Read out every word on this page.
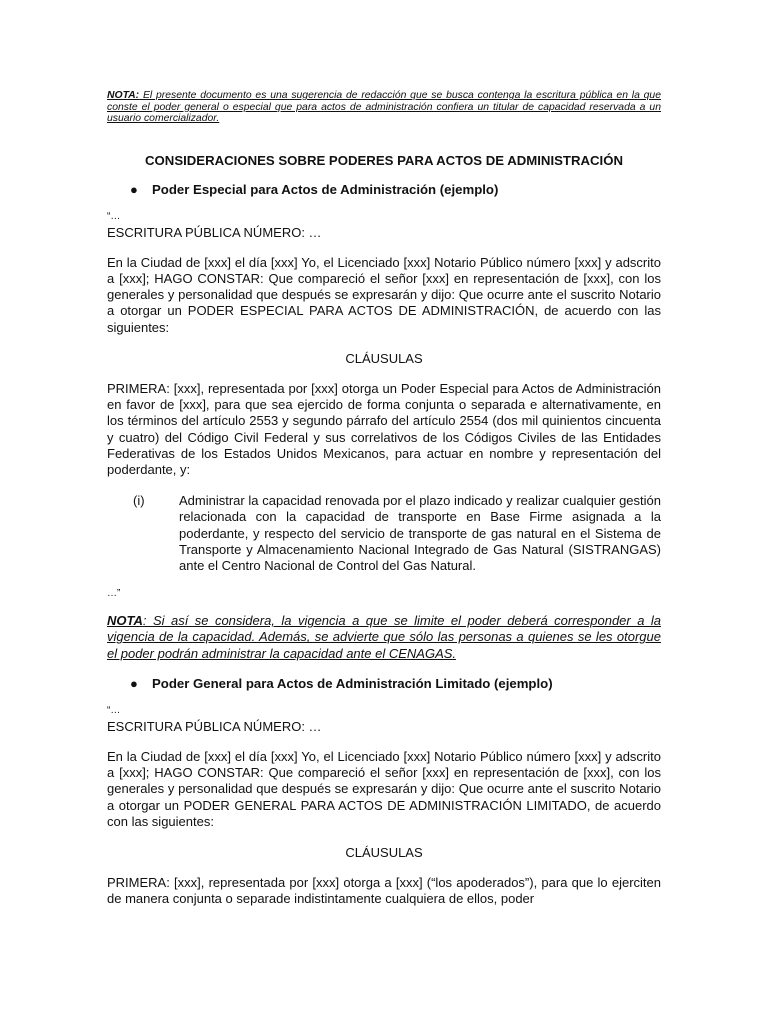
NOTA: El presente documento es una sugerencia de redacción que se busca contenga la escritura pública en la que conste el poder general o especial que para actos de administración confiera un titular de capacidad reservada a un usuario comercializador.

CONSIDERACIONES SOBRE PODERES PARA ACTOS DE ADMINISTRACIÓN

● Poder Especial para Actos de Administración (ejemplo)

“…

ESCRITURA PÚBLICA NÚMERO: …

En la Ciudad de [xxx] el día [xxx] Yo, el Licenciado [xxx] Notario Público número [xxx] y adscrito a [xxx]; HAGO CONSTAR: Que compareció el señor [xxx] en representación de [xxx], con los generales y personalidad que después se expresarán y dijo: Que ocurre ante el suscrito Notario a otorgar un PODER ESPECIAL PARA ACTOS DE ADMINISTRACIÓN, de acuerdo con las siguientes:

CLÁUSULAS

PRIMERA: [xxx], representada por [xxx] otorga un Poder Especial para Actos de Administración en favor de [xxx], para que sea ejercido de forma conjunta o separada e alternativamente, en los términos del artículo 2553 y segundo párrafo del artículo 2554 (dos mil quinientos cincuenta y cuatro) del Código Civil Federal y sus correlativos de los Códigos Civiles de las Entidades Federativas de los Estados Unidos Mexicanos, para actuar en nombre y representación del poderdante, y:

(i)	Administrar la capacidad renovada por el plazo indicado y realizar cualquier gestión relacionada con la capacidad de transporte en Base Firme asignada a la poderdante, y respecto del servicio de transporte de gas natural en el Sistema de Transporte y Almacenamiento Nacional Integrado de Gas Natural (SISTRANGAS) ante el Centro Nacional de Control del Gas Natural.

…”

NOTA: Si así se considera, la vigencia a que se limite el poder deberá corresponder a la vigencia de la capacidad. Además, se advierte que sólo las personas a quienes se les otorgue el poder podrán administrar la capacidad ante el CENAGAS.

● Poder General para Actos de Administración Limitado (ejemplo)

“…

ESCRITURA PÚBLICA NÚMERO: …

En la Ciudad de [xxx] el día [xxx] Yo, el Licenciado [xxx] Notario Público número [xxx] y adscrito a [xxx]; HAGO CONSTAR: Que compareció el señor [xxx] en representación de [xxx], con los generales y personalidad que después se expresarán y dijo: Que ocurre ante el suscrito Notario a otorgar un PODER GENERAL PARA ACTOS DE ADMINISTRACIÓN LIMITADO, de acuerdo con las siguientes:

CLÁUSULAS

PRIMERA: [xxx], representada por [xxx] otorga a [xxx] (“los apoderados”), para que lo ejerciten de manera conjunta o separade indistintamente cualquiera de ellos, poder
